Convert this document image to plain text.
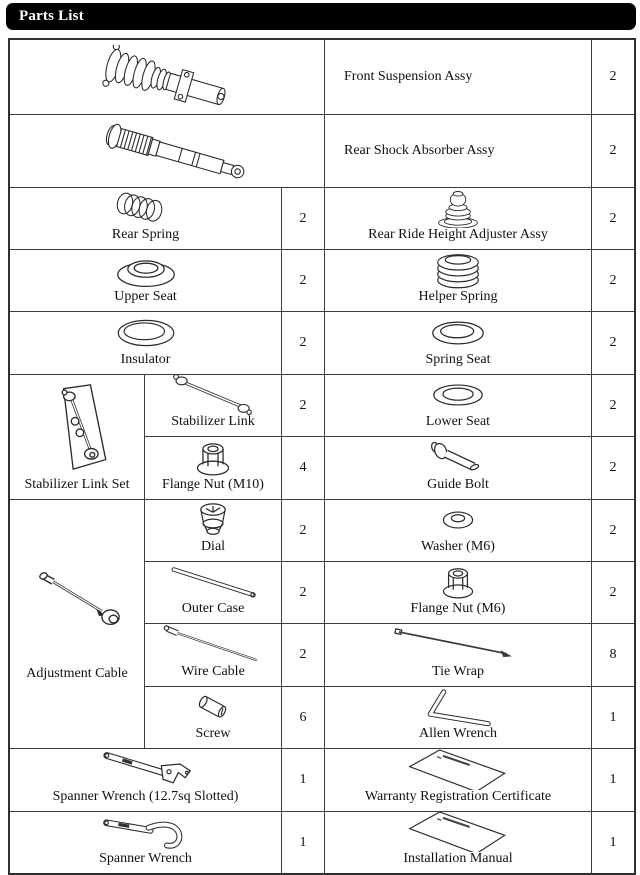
Parts List
Front Suspension Assy	2
Rear Shock Absorber Assy	2
Rear Spring
2
Rear Ride Height Adjuster Assy
2
Upper Seat
2
Helper Spring
2
Insulator
2
Spring Seat
2
Stabilizer Link Set
Stabilizer Link
2
Lower Seat
2
Flange Nut (M10)
4
Guide Bolt
2
Adjustment Cable
Dial
2
Washer (M6)
2
Outer Case
2
Flange Nut (M6)
2
Wire Cable
2
Tie Wrap
8
Screw
6
Allen Wrench
1
Spanner Wrench (12.7sq Slotted)
1
Warranty Registration Certificate
1
Spanner Wrench
1
Installation Manual
1
